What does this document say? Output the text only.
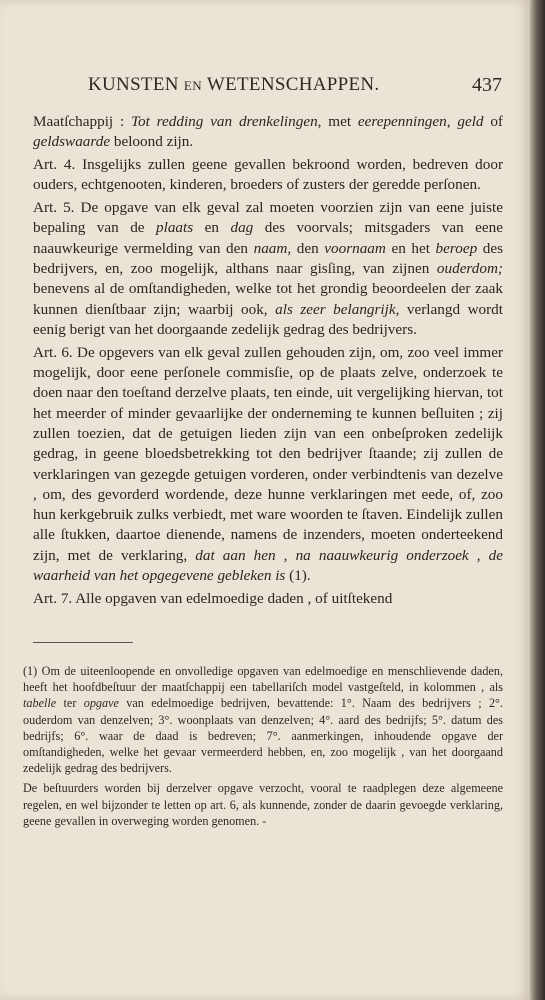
KUNSTEN EN WETENSCHAPPEN.	437

Maatſchappij : Tot redding van drenkelingen, met eerepenningen, geld of geldswaarde beloond zijn.

Art. 4. Insgelijks zullen geene gevallen bekroond worden, bedreven door ouders, echtgenooten, kinderen, broeders of zusters der geredde perſonen.

Art. 5. De opgave van elk geval zal moeten voorzien zijn van eene juiste bepaling van de plaats en dag des voorvals; mitsgaders van eene naauwkeurige vermelding van den naam, den voornaam en het beroep des bedrijvers, en, zoo mogelijk, althans naar gisſing, van zijnen ouderdom; benevens al de omſtandigheden, welke tot het grondig beoordeelen der zaak kunnen dienſtbaar zijn; waarbij ook, als zeer belangrijk, verlangd wordt eenig berigt van het doorgaande zedelijk gedrag des bedrijvers.

Art. 6. De opgevers van elk geval zullen gehouden zijn, om, zoo veel immer mogelijk, door eene perſonele commisſie, op de plaats zelve, onderzoek te doen naar den toeſtand derzelve plaats, ten einde, uit vergelijking hiervan, tot het meerder of minder gevaarlijke der onderneming te kunnen beſluiten ; zij zullen toezien, dat de getuigen lieden zijn van een onbeſproken zedelijk gedrag, in geene bloedsbetrekking tot den bedrijver ſtaande; zij zullen de verklaringen van gezegde getuigen vorderen, onder verbindtenis van dezelve , om, des gevorderd wordende, deze hunne verklaringen met eede, of, zoo hun kerkgebruik zulks verbiedt, met ware woorden te ſtaven. Eindelijk zullen alle ſtukken, daartoe dienende, namens de inzenders, moeten onderteekend zijn, met de verklaring, dat aan hen , na naauwkeurig onderzoek , de waarheid van het opgegevene gebleken is (1).

Art. 7. Alle opgaven van edelmoedige daden , of uitſtekend

(1) Om de uiteenloopende en onvolledige opgaven van edelmoedige en menschlievende daden, heeft het hoofdbeſtuur der maatſchappij een tabellariſch model vastgeſteld, in kolommen , als tabelle ter opgave van edelmoedige bedrijven, bevattende: 1°. Naam des bedrijvers ; 2°. ouderdom van denzelven; 3°. woonplaats van denzelven; 4°. aard des bedrijfs; 5°. datum des bedrijfs; 6°. waar de daad is bedreven; 7°. aanmerkingen, inhoudende opgave der omſtandigheden, welke het gevaar vermeerderd hebben, en, zoo mogelijk , van het doorgaand zedelijk gedrag des bedrijvers.

De beſtuurders worden bij derzelver opgave verzocht, vooral te raadplegen deze algemeene regelen, en wel bijzonder te letten op art. 6, als kunnende, zonder de daarin gevoegde verklaring, geene gevallen in overweging worden genomen. -
